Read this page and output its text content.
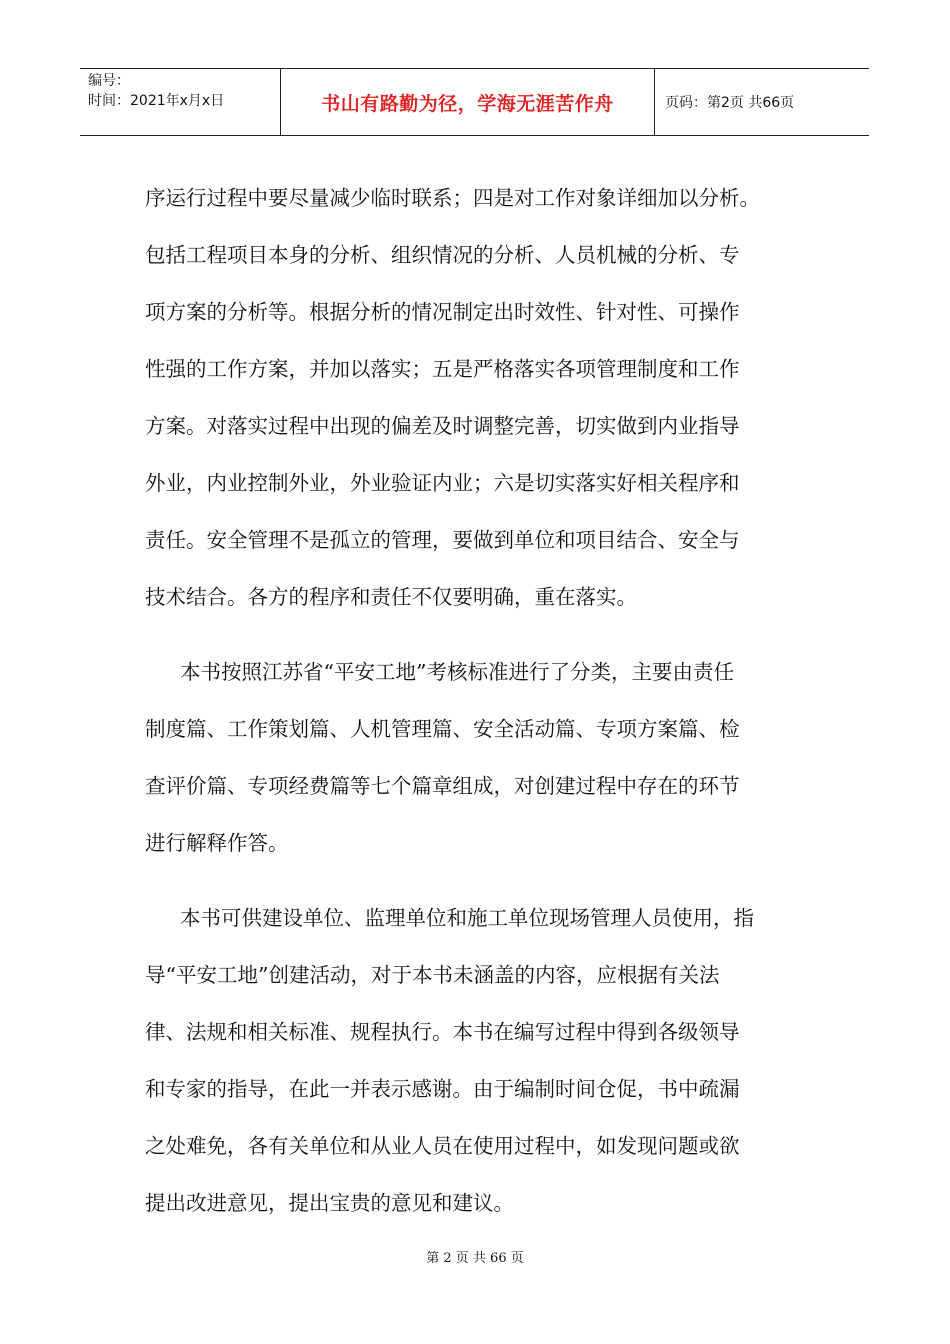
编号：
时间：2021年x月x日	书山有路勤为径，学海无涯苦作舟	页码：第2页 共66页
序运行过程中要尽量减少临时联系；四是对工作对象详细加以分析。
包括工程项目本身的分析、组织情况的分析、人员机械的分析、专
项方案的分析等。根据分析的情况制定出时效性、针对性、可操作
性强的工作方案，并加以落实；五是严格落实各项管理制度和工作
方案。对落实过程中出现的偏差及时调整完善，切实做到内业指导
外业，内业控制外业，外业验证内业；六是切实落实好相关程序和
责任。安全管理不是孤立的管理，要做到单位和项目结合、安全与
技术结合。各方的程序和责任不仅要明确，重在落实。
本书按照江苏省“平安工地”考核标准进行了分类，主要由责任
制度篇、工作策划篇、人机管理篇、安全活动篇、专项方案篇、检
查评价篇、专项经费篇等七个篇章组成，对创建过程中存在的环节
进行解释作答。
本书可供建设单位、监理单位和施工单位现场管理人员使用，指
导“平安工地”创建活动，对于本书未涵盖的内容，应根据有关法
律、法规和相关标准、规程执行。本书在编写过程中得到各级领导
和专家的指导，在此一并表示感谢。由于编制时间仓促，书中疏漏
之处难免，各有关单位和从业人员在使用过程中，如发现问题或欲
提出改进意见，提出宝贵的意见和建议。
第 2 页 共 66 页
